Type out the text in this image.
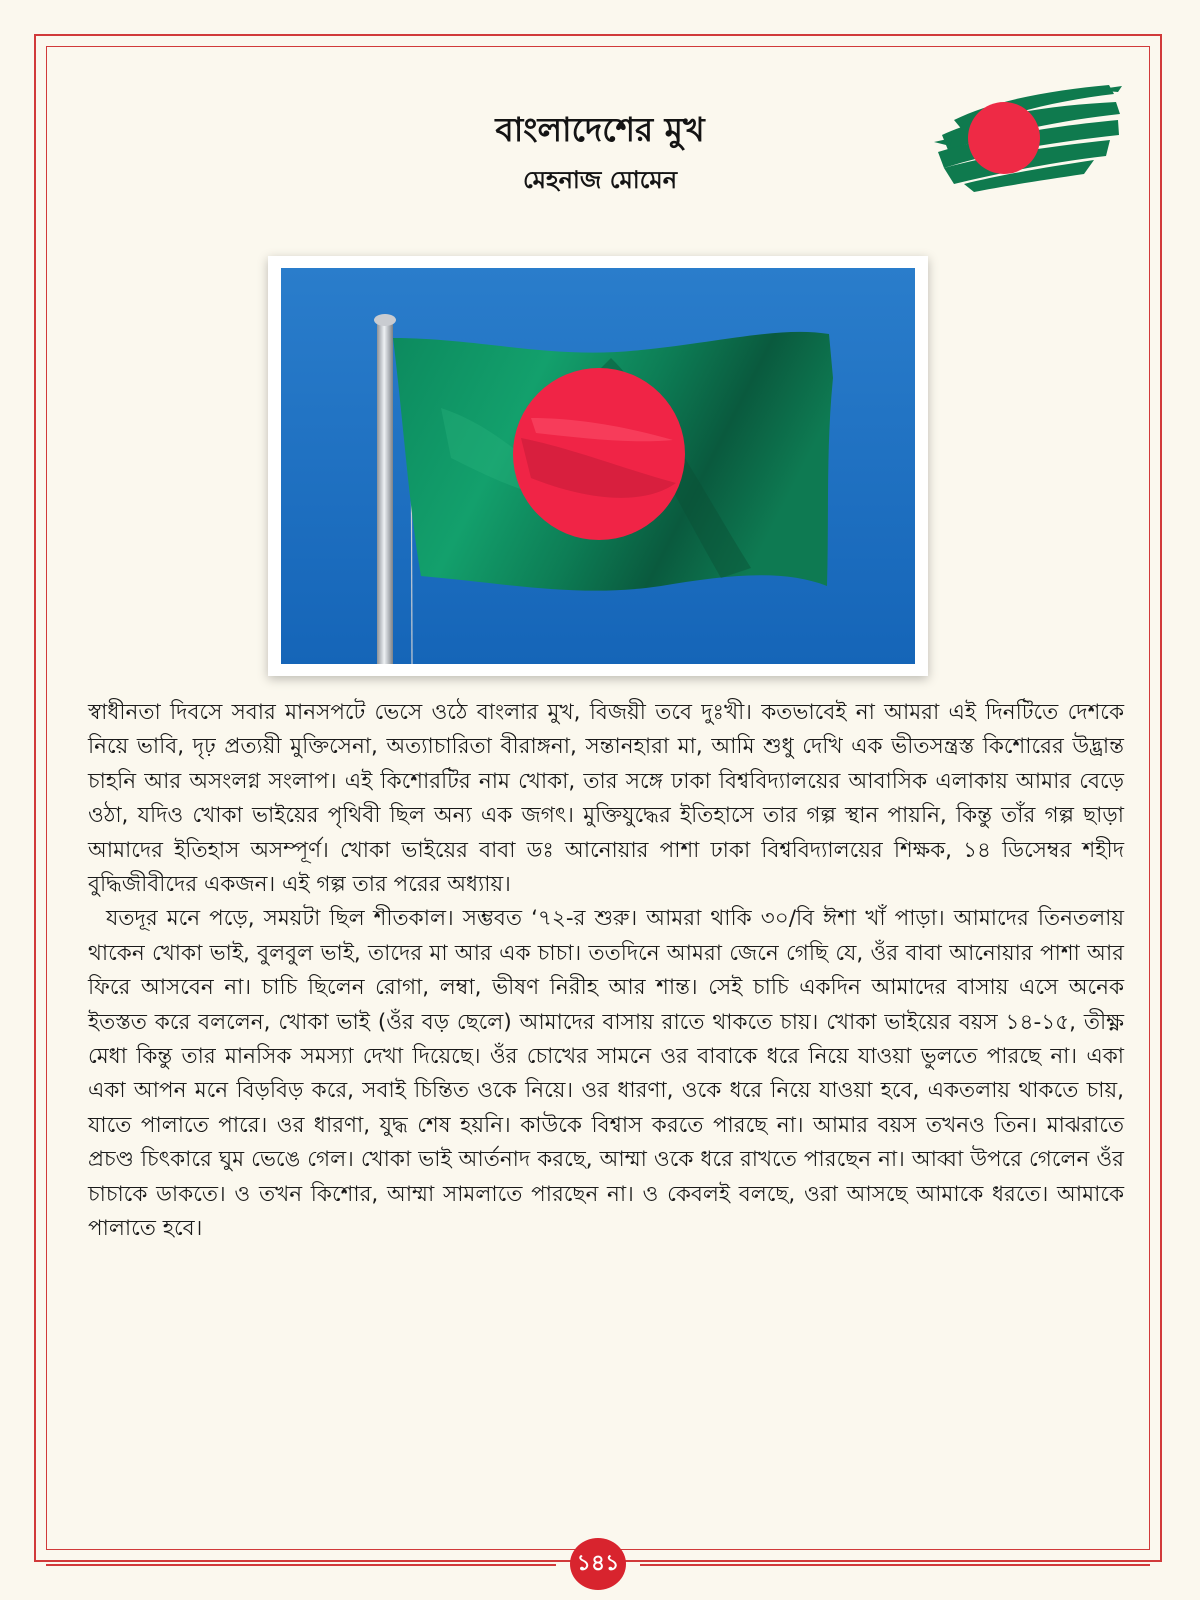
বাংলাদেশের মুখ
মেহনাজ মোমেন

স্বাধীনতা দিবসে সবার মানসপটে ভেসে ওঠে বাংলার মুখ, বিজয়ী তবে দুঃখী। কতভাবেই না আমরা এই দিনটিতে দেশকে নিয়ে ভাবি, দৃঢ় প্রত্যয়ী মুক্তিসেনা, অত্যাচারিতা বীরাঙ্গনা, সন্তানহারা মা, আমি শুধু দেখি এক ভীতসন্ত্রস্ত কিশোরের উদ্ভ্রান্ত চাহনি আর অসংলগ্ন সংলাপ। এই কিশোরটির নাম খোকা, তার সঙ্গে ঢাকা বিশ্ববিদ্যালয়ের আবাসিক এলাকায় আমার বেড়ে ওঠা, যদিও খোকা ভাইয়ের পৃথিবী ছিল অন্য এক জগৎ। মুক্তিযুদ্ধের ইতিহাসে তার গল্প স্থান পায়নি, কিন্তু তাঁর গল্প ছাড়া আমাদের ইতিহাস অসম্পূর্ণ। খোকা ভাইয়ের বাবা ডঃ আনোয়ার পাশা ঢাকা বিশ্ববিদ্যালয়ের শিক্ষক, ১৪ ডিসেম্বর শহীদ বুদ্ধিজীবীদের একজন। এই গল্প তার পরের অধ্যায়।

যতদূর মনে পড়ে, সময়টা ছিল শীতকাল। সম্ভবত ‘৭২-র শুরু। আমরা থাকি ৩০/বি ঈশা খাঁ পাড়া। আমাদের তিনতলায় থাকেন খোকা ভাই, বুলবুল ভাই, তাদের মা আর এক চাচা। ততদিনে আমরা জেনে গেছি যে, ওঁর বাবা আনোয়ার পাশা আর ফিরে আসবেন না। চাচি ছিলেন রোগা, লম্বা, ভীষণ নিরীহ আর শান্ত। সেই চাচি একদিন আমাদের বাসায় এসে অনেক ইতস্তত করে বললেন, খোকা ভাই (ওঁর বড় ছেলে) আমাদের বাসায় রাতে থাকতে চায়। খোকা ভাইয়ের বয়স ১৪-১৫, তীক্ষ্ণ মেধা কিন্তু তার মানসিক সমস্যা দেখা দিয়েছে। ওঁর চোখের সামনে ওর বাবাকে ধরে নিয়ে যাওয়া ভুলতে পারছে না। একা একা আপন মনে বিড়বিড় করে, সবাই চিন্তিত ওকে নিয়ে। ওর ধারণা, ওকে ধরে নিয়ে যাওয়া হবে, একতলায় থাকতে চায়, যাতে পালাতে পারে। ওর ধারণা, যুদ্ধ শেষ হয়নি। কাউকে বিশ্বাস করতে পারছে না। আমার বয়স তখনও তিন। মাঝরাতে প্রচণ্ড চিৎকারে ঘুম ভেঙে গেল। খোকা ভাই আর্তনাদ করছে, আম্মা ওকে ধরে রাখতে পারছেন না। আব্বা উপরে গেলেন ওঁর চাচাকে ডাকতে। ও তখন কিশোর, আম্মা সামলাতে পারছেন না। ও কেবলই বলছে, ওরা আসছে আমাকে ধরতে। আমাকে পালাতে হবে।

১৪১
